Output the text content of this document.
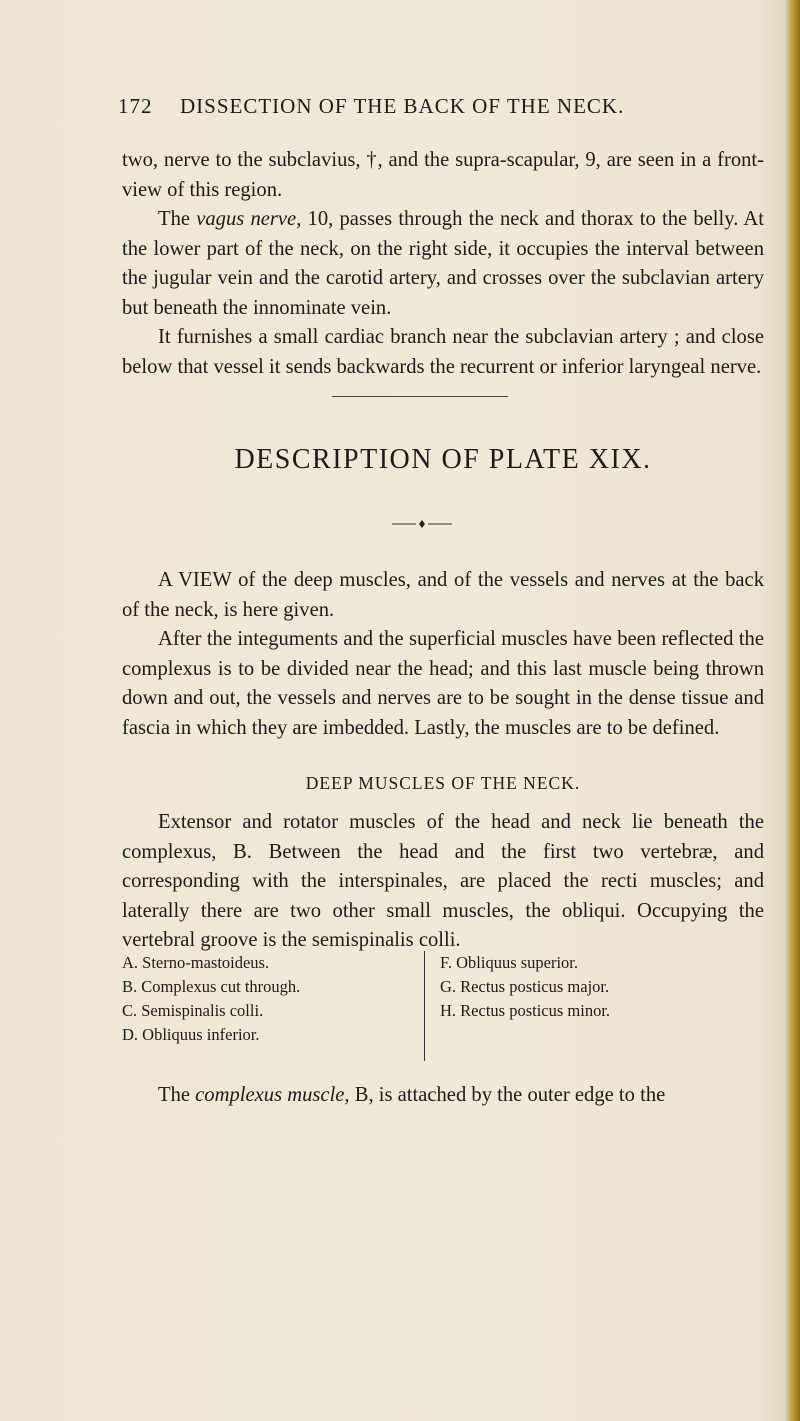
172 DISSECTION OF THE BACK OF THE NECK.

two, nerve to the subclavius, †, and the supra-scapular, 9, are seen in a front-view of this region.

The vagus nerve, 10, passes through the neck and thorax to the belly. At the lower part of the neck, on the right side, it occupies the interval between the jugular vein and the carotid artery, and crosses over the subclavian artery but beneath the innominate vein.

It furnishes a small cardiac branch near the subclavian artery ; and close below that vessel it sends backwards the recurrent or inferior laryngeal nerve.

DESCRIPTION OF PLATE XIX.

A VIEW of the deep muscles, and of the vessels and nerves at the back of the neck, is here given.

After the integuments and the superficial muscles have been reflected the complexus is to be divided near the head; and this last muscle being thrown down and out, the vessels and nerves are to be sought in the dense tissue and fascia in which they are imbedded. Lastly, the muscles are to be defined.

DEEP MUSCLES OF THE NECK.

Extensor and rotator muscles of the head and neck lie beneath the complexus, B. Between the head and the first two vertebræ, and corresponding with the interspinales, are placed the recti muscles; and laterally there are two other small muscles, the obliqui. Occupying the vertebral groove is the semispinalis colli.

A. Sterno-mastoideus.
B. Complexus cut through.
C. Semispinalis colli.
D. Obliquus inferior.
F. Obliquus superior.
G. Rectus posticus major.
H. Rectus posticus minor.

The complexus muscle, B, is attached by the outer edge to the
